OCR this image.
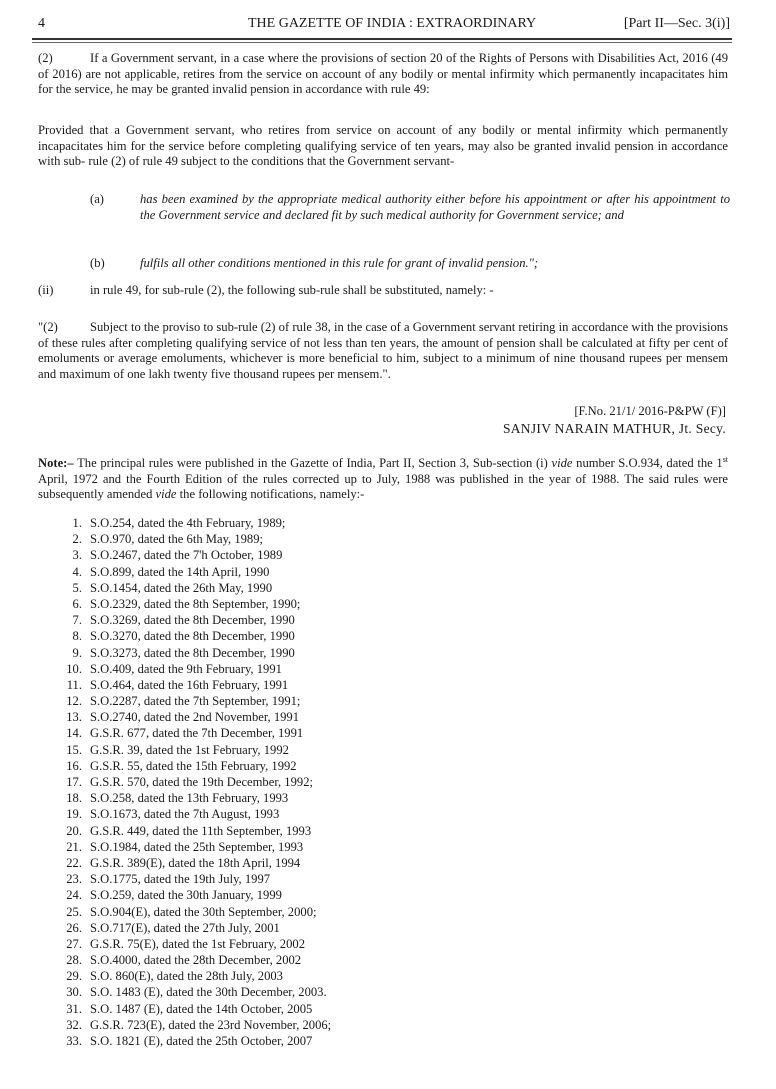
4	THE GAZETTE OF INDIA : EXTRAORDINARY	[Part II—Sec. 3(i)]
(2)	If a Government servant, in a case where the provisions of section 20 of the Rights of Persons with Disabilities Act, 2016 (49 of 2016) are not applicable, retires from the service on account of any bodily or mental infirmity which permanently incapacitates him for the service, he may be granted invalid pension in accordance with rule 49:
Provided that a Government servant, who retires from service on account of any bodily or mental infirmity which permanently incapacitates him for the service before completing qualifying service of ten years, may also be granted invalid pension in accordance with sub- rule (2) of rule 49 subject to the conditions that the Government servant-
(a)	has been examined by the appropriate medical authority either before his appointment or after his appointment to the Government service and declared fit by such medical authority for Government service; and
(b)	fulfils all other conditions mentioned in this rule for grant of invalid pension.";
(ii)	in rule 49, for sub-rule (2), the following sub-rule shall be substituted, namely: -
"(2)	Subject to the proviso to sub-rule (2) of rule 38, in the case of a Government servant retiring in accordance with the provisions of these rules after completing qualifying service of not less than ten years, the amount of pension shall be calculated at fifty per cent of emoluments or average emoluments, whichever is more beneficial to him, subject to a minimum of nine thousand rupees per mensem and maximum of one lakh twenty five thousand rupees per mensem.".
[F.No. 21/1/ 2016-P&PW (F)]
SANJIV NARAIN MATHUR, Jt. Secy.
Note:– The principal rules were published in the Gazette of India, Part II, Section 3, Sub-section (i) vide number S.O.934, dated the 1st April, 1972 and the Fourth Edition of the rules corrected up to July, 1988 was published in the year of 1988. The said rules were subsequently amended vide the following notifications, namely:-
1. S.O.254, dated the 4th February, 1989;
2. S.O.970, dated the 6th May, 1989;
3. S.O.2467, dated the 7'h October, 1989
4. S.O.899, dated the 14th April, 1990
5. S.O.1454, dated the 26th May, 1990
6. S.O.2329, dated the 8th September, 1990;
7. S.O.3269, dated the 8th December, 1990
8. S.O.3270, dated the 8th December, 1990
9. S.O.3273, dated the 8th December, 1990
10. S.O.409, dated the 9th February, 1991
11. S.O.464, dated the 16th February, 1991
12. S.O.2287, dated the 7th September, 1991;
13. S.O.2740, dated the 2nd November, 1991
14. G.S.R. 677, dated the 7th December, 1991
15. G.S.R. 39, dated the 1st February, 1992
16. G.S.R. 55, dated the 15th February, 1992
17. G.S.R. 570, dated the 19th December, 1992;
18. S.O.258, dated the 13th February, 1993
19. S.O.1673, dated the 7th August, 1993
20. G.S.R. 449, dated the 11th September, 1993
21. S.O.1984, dated the 25th September, 1993
22. G.S.R. 389(E), dated the 18th April, 1994
23. S.O.1775, dated the 19th July, 1997
24. S.O.259, dated the 30th January, 1999
25. S.O.904(E), dated the 30th September, 2000;
26. S.O.717(E), dated the 27th July, 2001
27. G.S.R. 75(E), dated the 1st February, 2002
28. S.O.4000, dated the 28th December, 2002
29. S.O. 860(E), dated the 28th July, 2003
30. S.O. 1483 (E), dated the 30th December, 2003.
31. S.O. 1487 (E), dated the 14th October, 2005
32. G.S.R. 723(E), dated the 23rd November, 2006;
33. S.O. 1821 (E), dated the 25th October, 2007
